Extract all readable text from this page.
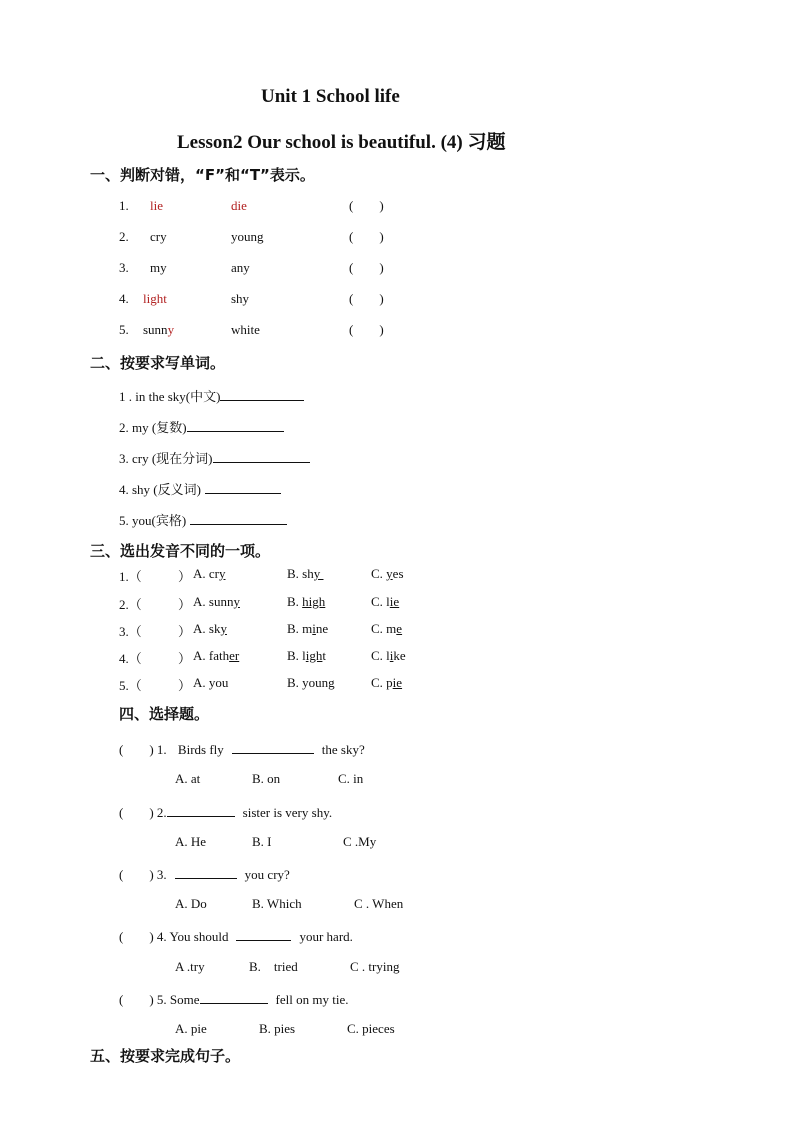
Unit 1 School life
Lesson2 Our school is beautiful. (4) 习题
一、判断对错，“F”和“T”表示。
1. lie	die	(        )
2. cry	young	(        )
3. my	any	(        )
4. light	shy	(        )
5. sunny	white	(        )
二、按要求写单词。
1 . in the sky(中文)
2. my (复数)
3. cry (现在分词)
4. shy (反义词)
5. you(宾格)
三、选出发音不同的一项。
1.（	） A. cry	B. shy	C. yes
2.（	） A. sunny	B. high	C. lie
3.（	） A. sky	B. mine	C. me
4.（	） A. father	B. light	C. like
5.（	） A. you	B. young	C. pie
四、选择题。
(        ) 1. Birds fly	the sky?
A. at	B. on	C. in
(        ) 2.	sister is very shy.
A. He	B. I	C .My
(        ) 3.	you cry?
A. Do	B. Which	C . When
(        ) 4. You should	your hard.
A .try	B.    tried	C . trying
(        ) 5. Some	fell on my tie.
A. pie	B. pies	C. pieces
五、按要求完成句子。
